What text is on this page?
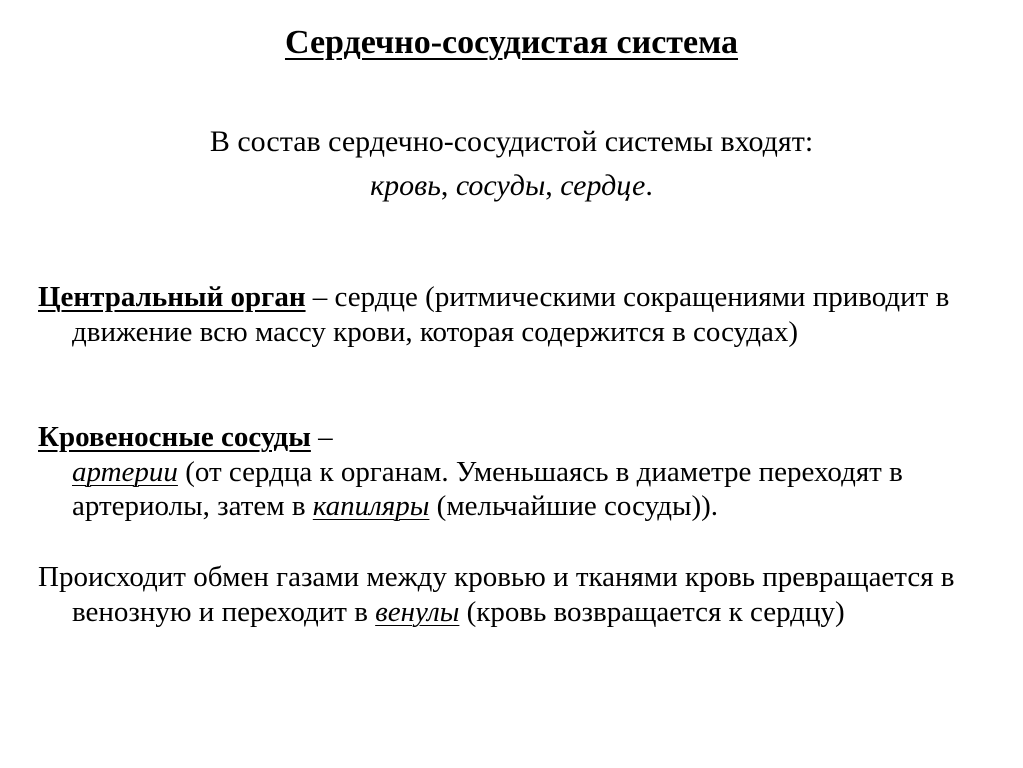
Сердечно-сосудистая система
В состав сердечно-сосудистой системы входят:
кровь, сосуды, сердце.

Центральный орган – сердце (ритмическими сокращениями приводит в движение всю массу крови, которая содержится в сосудах)

Кровеносные сосуды –
артерии (от сердца к органам. Уменьшаясь в диаметре переходят в артериолы, затем в капиляры (мельчайшие сосуды)).

Происходит обмен газами между кровью и тканями кровь превращается в венозную и переходит в венулы (кровь возвращается к сердцу)
